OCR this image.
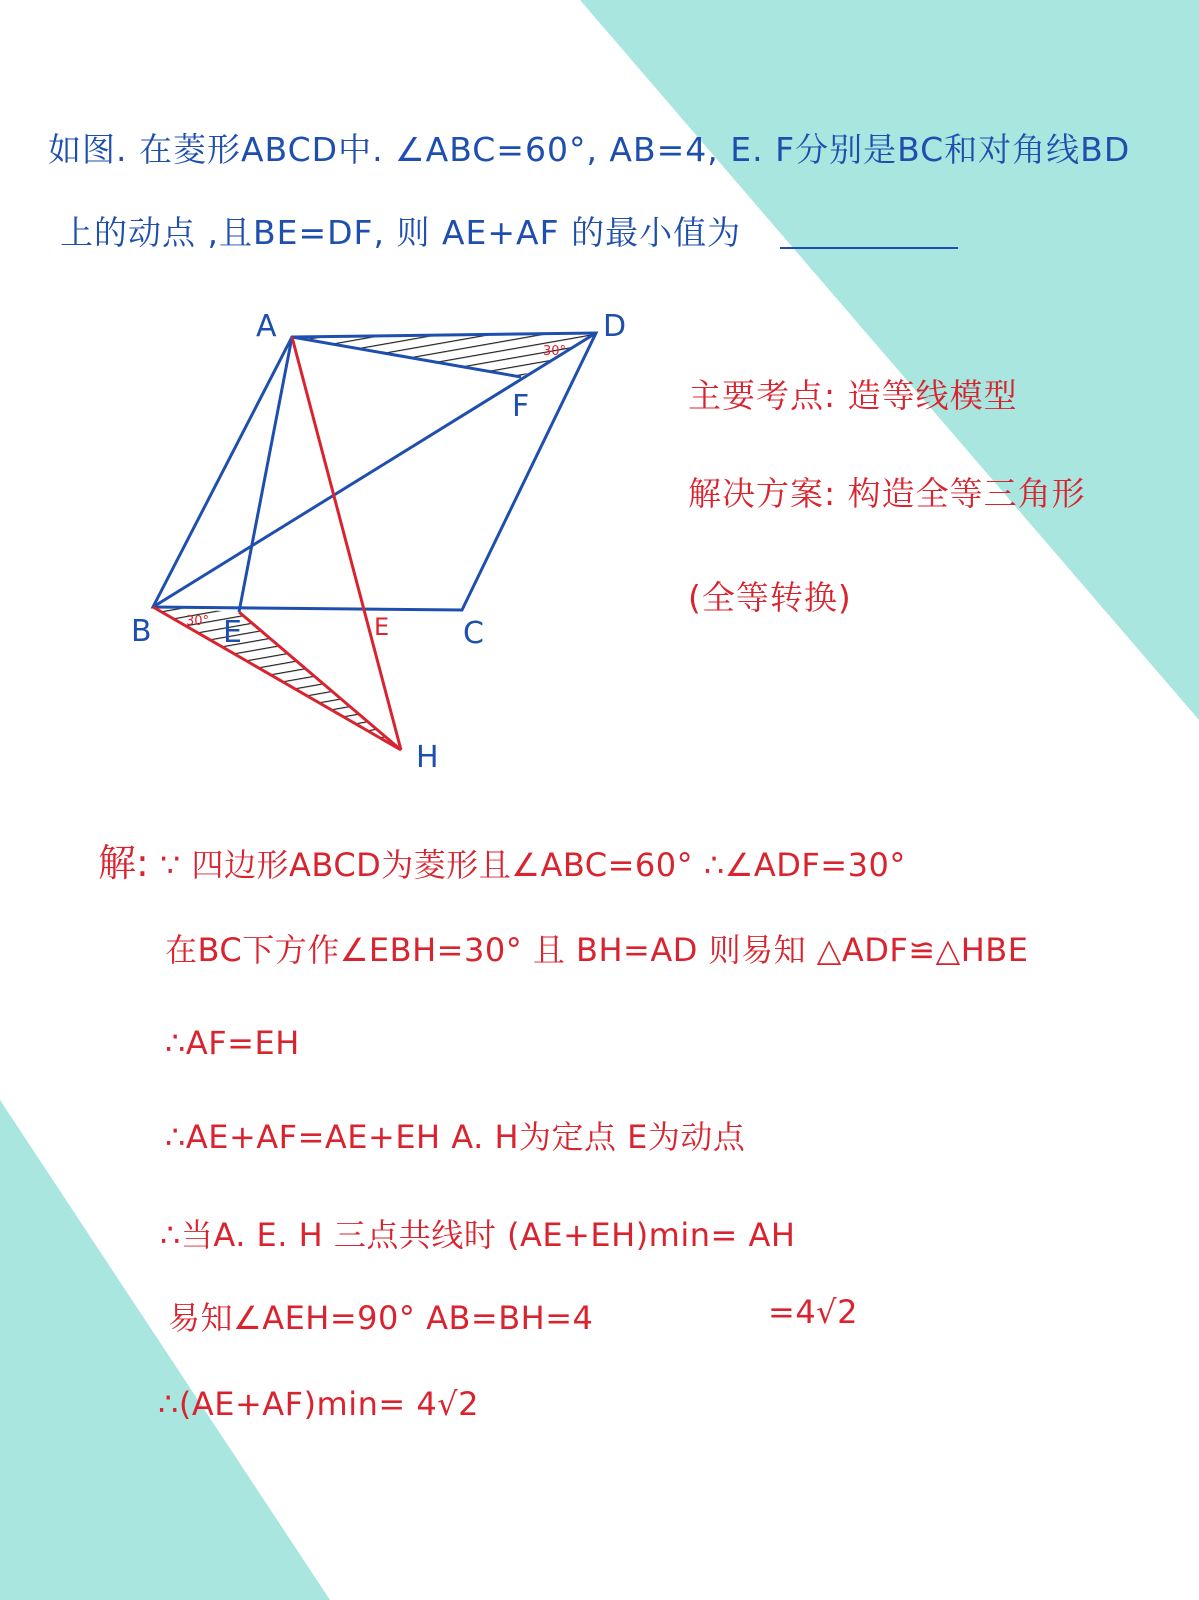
如图. 在菱形ABCD中. ∠ABC=60°, AB=4, E. F分别是BC和对角线BD
上的动点 ,且BE=DF, 则 AE+AF 的最小值为
A	D
F
B E	E C
H
30°
30°
主要考点: 造等线模型
解决方案: 构造全等三角形
(全等转换)
解: ∵ 四边形ABCD为菱形且∠ABC=60° ∴∠ADF=30°
在BC下方作∠EBH=30° 且 BH=AD 则易知 △ADF≌△HBE
∴AF=EH
∴AE+AF=AE+EH A. H为定点 E为动点
∴当A. E. H 三点共线时 (AE+EH)min= AH
易知∠AEH=90° AB=BH=4	=4√2
∴(AE+AF)min= 4√2
